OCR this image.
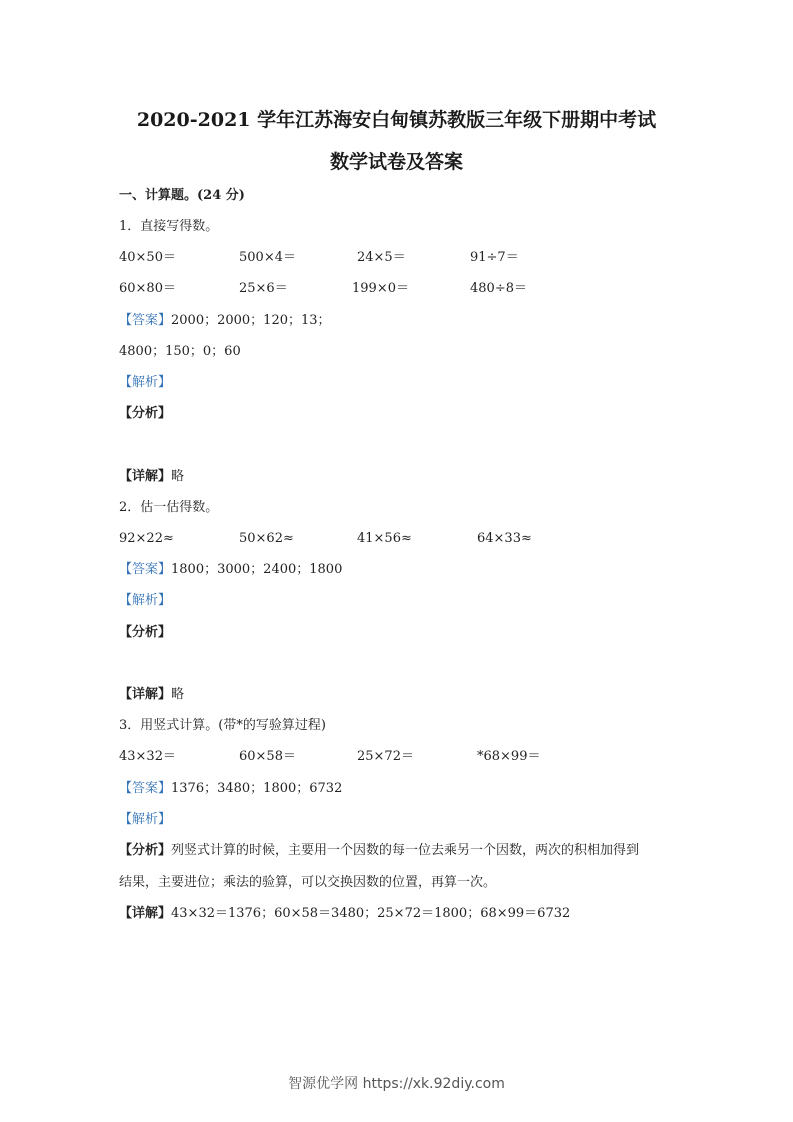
2020-2021 学年江苏海安白甸镇苏教版三年级下册期中考试
数学试卷及答案
一、计算题。(24 分)
1．直接写得数。
40×50＝	500×4＝	24×5＝	91÷7＝
60×80＝	25×6＝	199×0＝	480÷8＝
【答案】2000；2000；120；13；
4800；150；0；60
【解析】
【分析】
【详解】略
2．估一估得数。
92×22≈	50×62≈	41×56≈	64×33≈
【答案】1800；3000；2400；1800
【解析】
【分析】
【详解】略
3．用竖式计算。(带*的写验算过程)
43×32＝	60×58＝	25×72＝	*68×99＝
【答案】1376；3480；1800；6732
【解析】
【分析】列竖式计算的时候，主要用一个因数的每一位去乘另一个因数，两次的积相加得到
结果，主要进位；乘法的验算，可以交换因数的位置，再算一次。
【详解】43×32＝1376；60×58＝3480；25×72＝1800；68×99＝6732
智源优学网 https://xk.92diy.com
